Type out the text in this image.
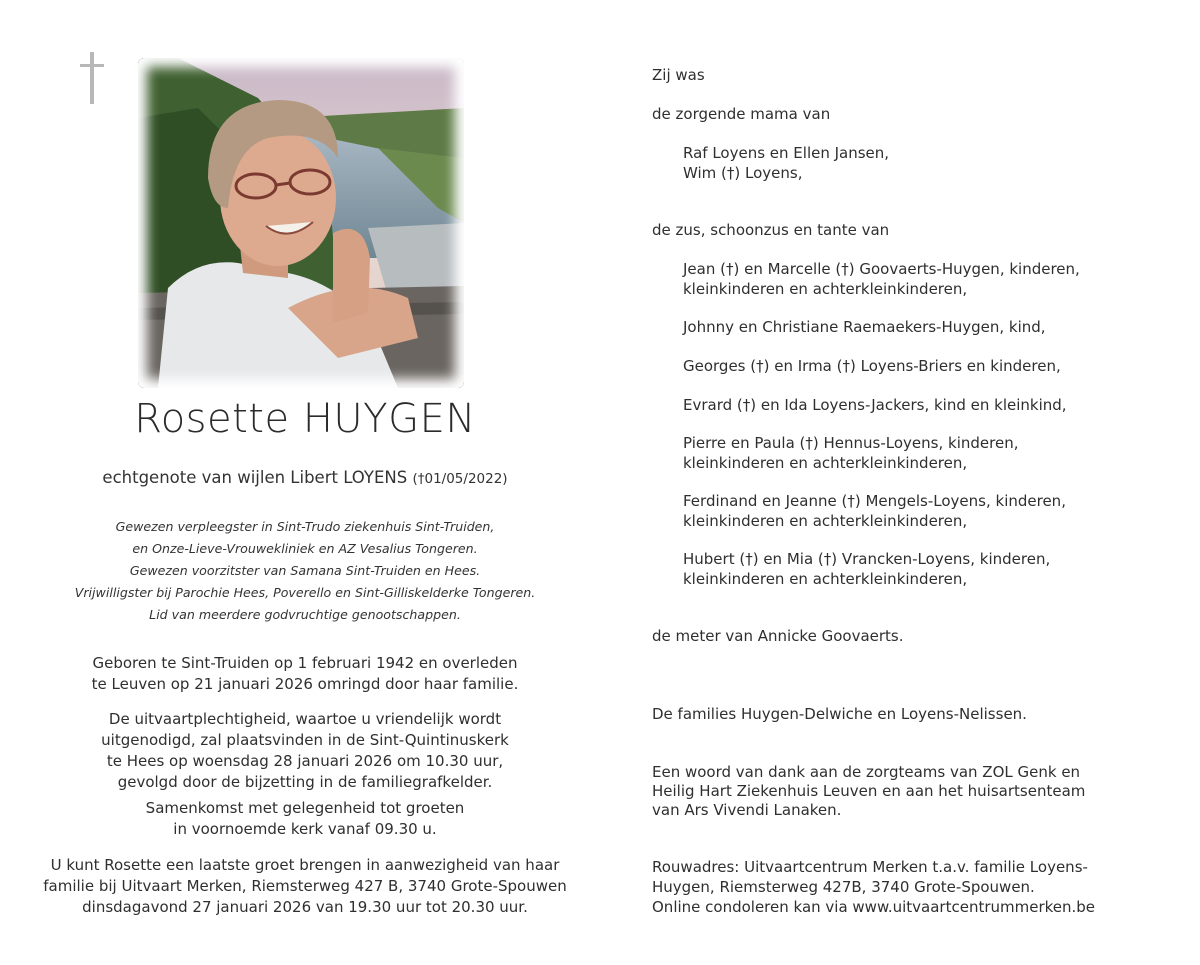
Rosette HUYGEN
echtgenote van wijlen Libert LOYENS (†01/05/2022)
Gewezen verpleegster in Sint-Trudo ziekenhuis Sint-Truiden,
en Onze-Lieve-Vrouwekliniek en AZ Vesalius Tongeren.
Gewezen voorzitster van Samana Sint-Truiden en Hees.
Vrijwilligster bij Parochie Hees, Poverello en Sint-Gilliskelderke Tongeren.
Lid van meerdere godvruchtige genootschappen.
Geboren te Sint-Truiden op 1 februari 1942 en overleden
te Leuven op 21 januari 2026 omringd door haar familie.
De uitvaartplechtigheid, waartoe u vriendelijk wordt
uitgenodigd, zal plaatsvinden in de Sint-Quintinuskerk
te Hees op woensdag 28 januari 2026 om 10.30 uur,
gevolgd door de bijzetting in de familiegrafkelder.
Samenkomst met gelegenheid tot groeten
in voornoemde kerk vanaf 09.30 u.
U kunt Rosette een laatste groet brengen in aanwezigheid van haar
familie bij Uitvaart Merken, Riemsterweg 427 B, 3740 Grote-Spouwen
dinsdagavond 27 januari 2026 van 19.30 uur tot 20.30 uur.
Zij was
de zorgende mama van
Raf Loyens en Ellen Jansen,
Wim (†) Loyens,
de zus, schoonzus en tante van
Jean (†) en Marcelle (†) Goovaerts-Huygen, kinderen,
kleinkinderen en achterkleinkinderen,
Johnny en Christiane Raemaekers-Huygen, kind,
Georges (†) en Irma (†) Loyens-Briers en kinderen,
Evrard (†) en Ida Loyens-Jackers, kind en kleinkind,
Pierre en Paula (†) Hennus-Loyens, kinderen,
kleinkinderen en achterkleinkinderen,
Ferdinand en Jeanne (†) Mengels-Loyens, kinderen,
kleinkinderen en achterkleinkinderen,
Hubert (†) en Mia (†) Vrancken-Loyens, kinderen,
kleinkinderen en achterkleinkinderen,
de meter van Annicke Goovaerts.
De families Huygen-Delwiche en Loyens-Nelissen.
Een woord van dank aan de zorgteams van ZOL Genk en
Heilig Hart Ziekenhuis Leuven en aan het huisartsenteam
van Ars Vivendi Lanaken.
Rouwadres: Uitvaartcentrum Merken t.a.v. familie Loyens-
Huygen, Riemsterweg 427B, 3740 Grote-Spouwen.
Online condoleren kan via www.uitvaartcentrummerken.be
